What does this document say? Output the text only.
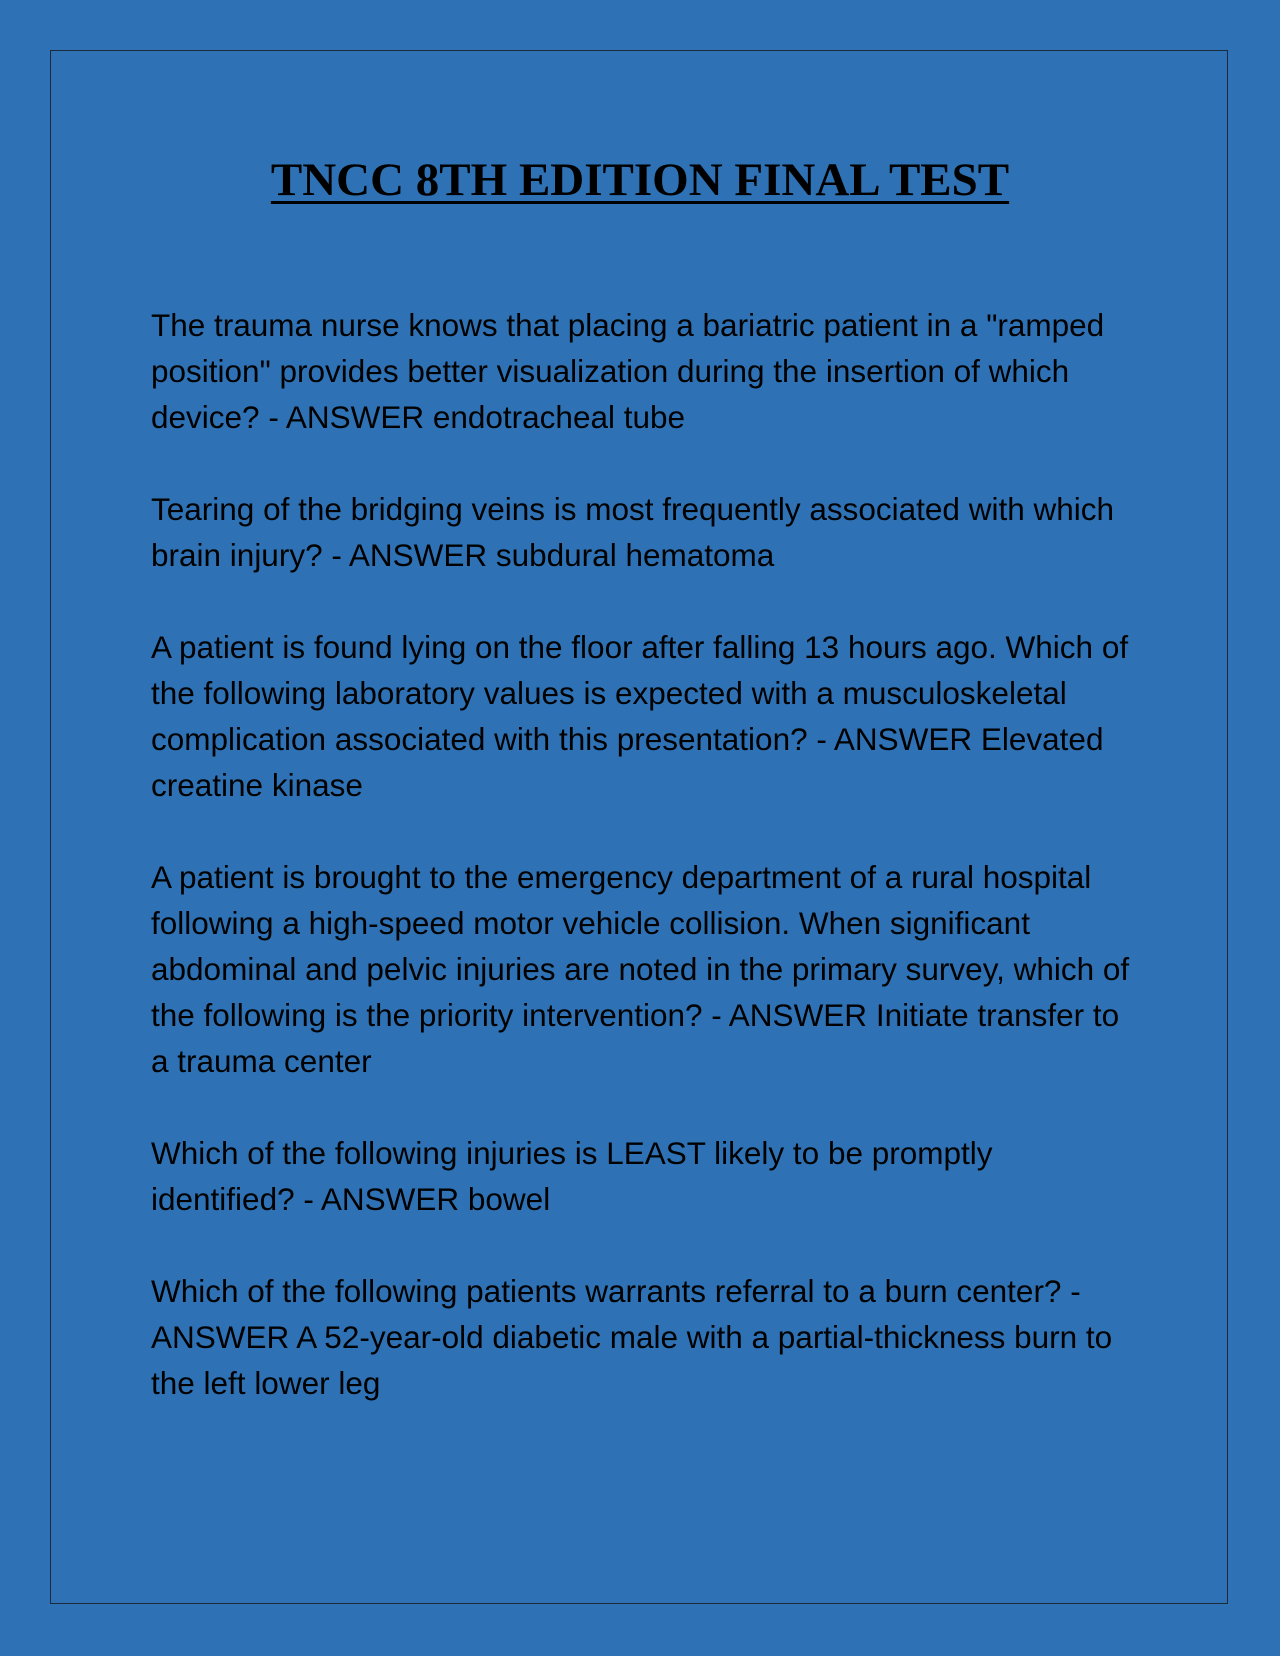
TNCC 8TH EDITION FINAL TEST
The trauma nurse knows that placing a bariatric patient in a "ramped position" provides better visualization during the insertion of which device? - ANSWER endotracheal tube
Tearing of the bridging veins is most frequently associated with which brain injury? - ANSWER subdural hematoma
A patient is found lying on the floor after falling 13 hours ago. Which of the following laboratory values is expected with a musculoskeletal complication associated with this presentation? - ANSWER Elevated creatine kinase
A patient is brought to the emergency department of a rural hospital following a high-speed motor vehicle collision. When significant abdominal and pelvic injuries are noted in the primary survey, which of the following is the priority intervention? - ANSWER Initiate transfer to a trauma center
Which of the following injuries is LEAST likely to be promptly identified? - ANSWER bowel
Which of the following patients warrants referral to a burn center? - ANSWER A 52-year-old diabetic male with a partial-thickness burn to the left lower leg
